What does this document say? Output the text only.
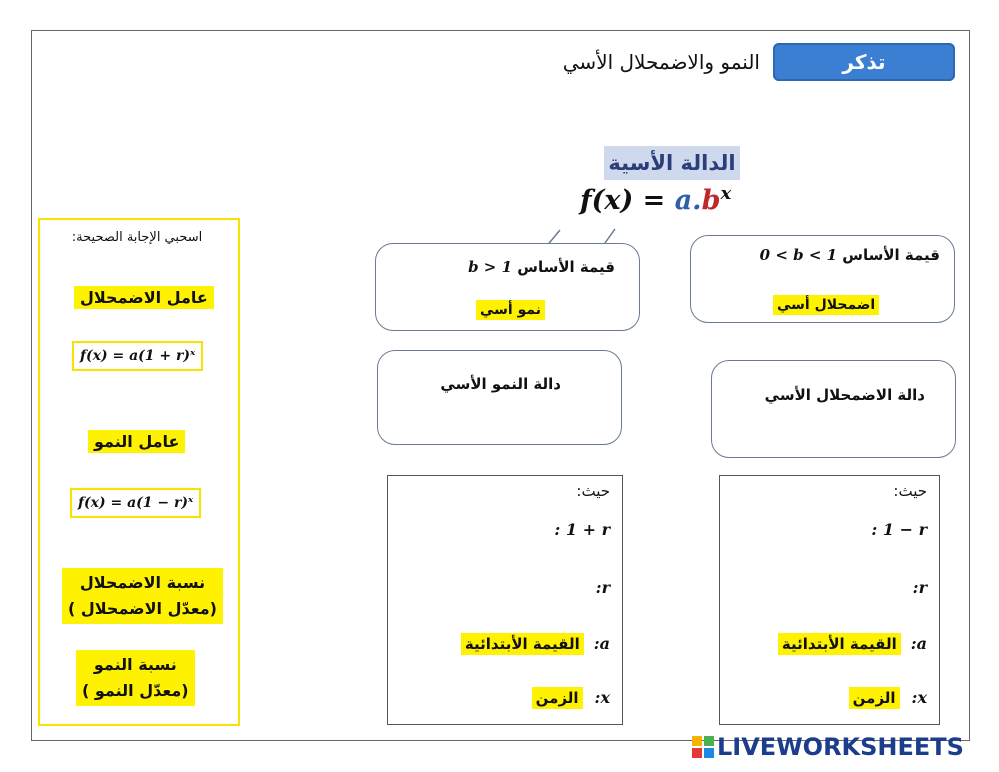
تذكر
النمو والاضمحلال الأسي
الدالة الأسية
$f(x) = a.b^x$
قيمة الأساس b > 1
نمو أسي
قيمة الأساس 0 < b < 1
اضمحلال أسي
دالة النمو الأسي
دالة الاضمحلال الأسي
حيث:
: 1 + r
:r
القيمة الأبتدائية :a
الزمن :x
حيث:
: 1 − r
:r
القيمة الأبتدائية :a
الزمن :x
اسحبي الإجابة الصحيحة:
عامل الاضمحلال
f(x) = a(1 + r)ˣ
عامل النمو
f(x) = a(1 − r)ˣ
نسبة الاضمحلال
(معدّل الاضمحلال )
نسبة النمو
(معدّل النمو )
LIVEWORKSHEETS
